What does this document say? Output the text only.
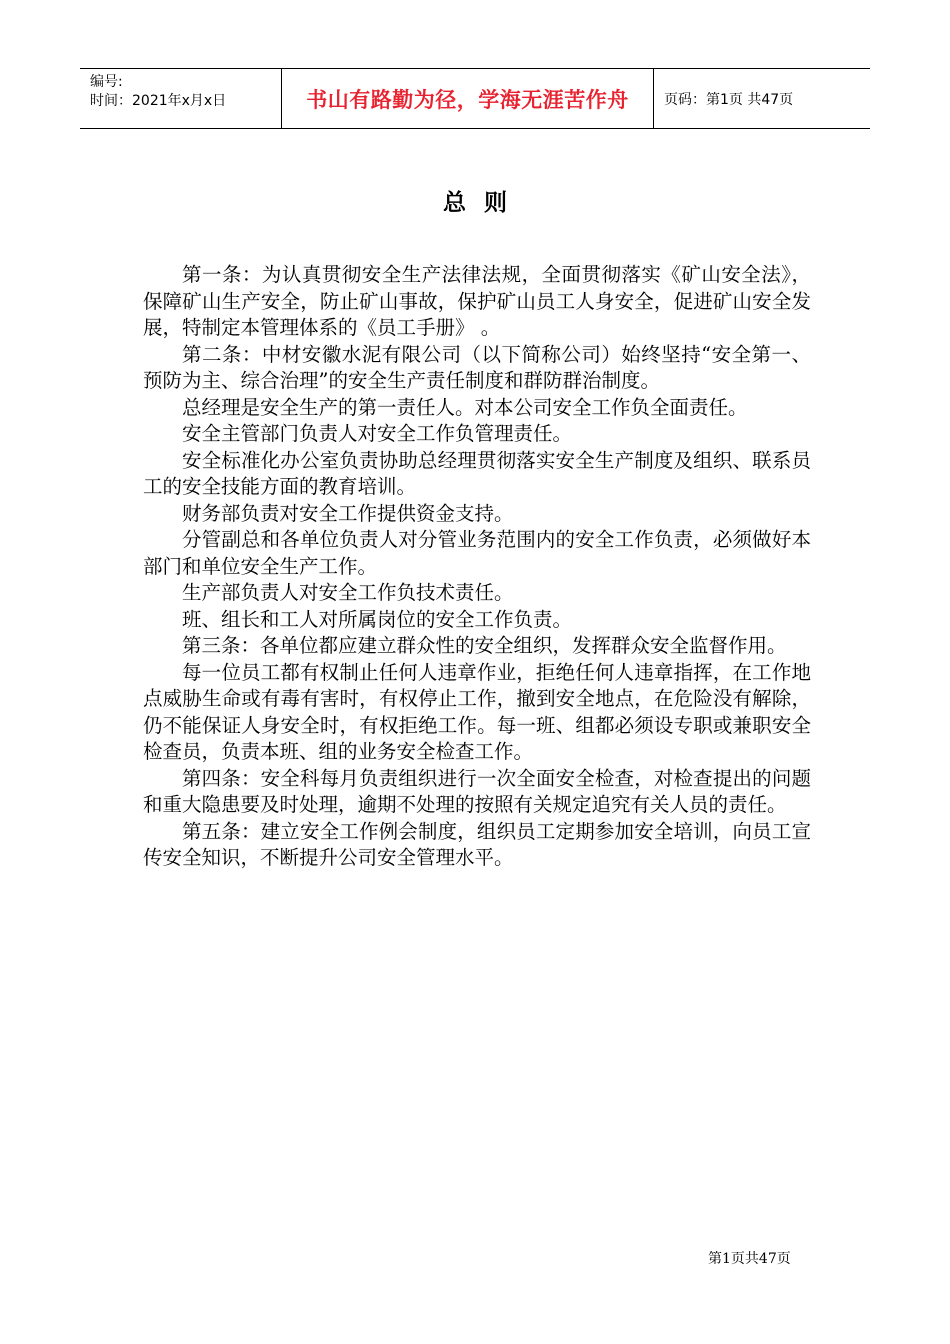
编号:
时间：2021年x月x日	书山有路勤为径，学海无涯苦作舟	页码：第1页 共47页
总则

第一条：为认真贯彻安全生产法律法规，全面贯彻落实《矿山安全法》，保障矿山生产安全，防止矿山事故，保护矿山员工人身安全，促进矿山安全发展，特制定本管理体系的《员工手册》 。

第二条：中材安徽水泥有限公司（以下简称公司）始终坚持“安全第一、预防为主、综合治理”的安全生产责任制度和群防群治制度。

总经理是安全生产的第一责任人。对本公司安全工作负全面责任。

安全主管部门负责人对安全工作负管理责任。

安全标准化办公室负责协助总经理贯彻落实安全生产制度及组织、联系员工的安全技能方面的教育培训。

财务部负责对安全工作提供资金支持。

分管副总和各单位负责人对分管业务范围内的安全工作负责，必须做好本部门和单位安全生产工作。

生产部负责人对安全工作负技术责任。

班、组长和工人对所属岗位的安全工作负责。

第三条：各单位都应建立群众性的安全组织，发挥群众安全监督作用。

每一位员工都有权制止任何人违章作业，拒绝任何人违章指挥，在工作地点威胁生命或有毒有害时，有权停止工作，撤到安全地点，在危险没有解除，仍不能保证人身安全时，有权拒绝工作。每一班、组都必须设专职或兼职安全检查员，负责本班、组的业务安全检查工作。

第四条：安全科每月负责组织进行一次全面安全检查，对检查提出的问题和重大隐患要及时处理，逾期不处理的按照有关规定追究有关人员的责任。

第五条：建立安全工作例会制度，组织员工定期参加安全培训，向员工宣传安全知识，不断提升公司安全管理水平。

第1页共47页
